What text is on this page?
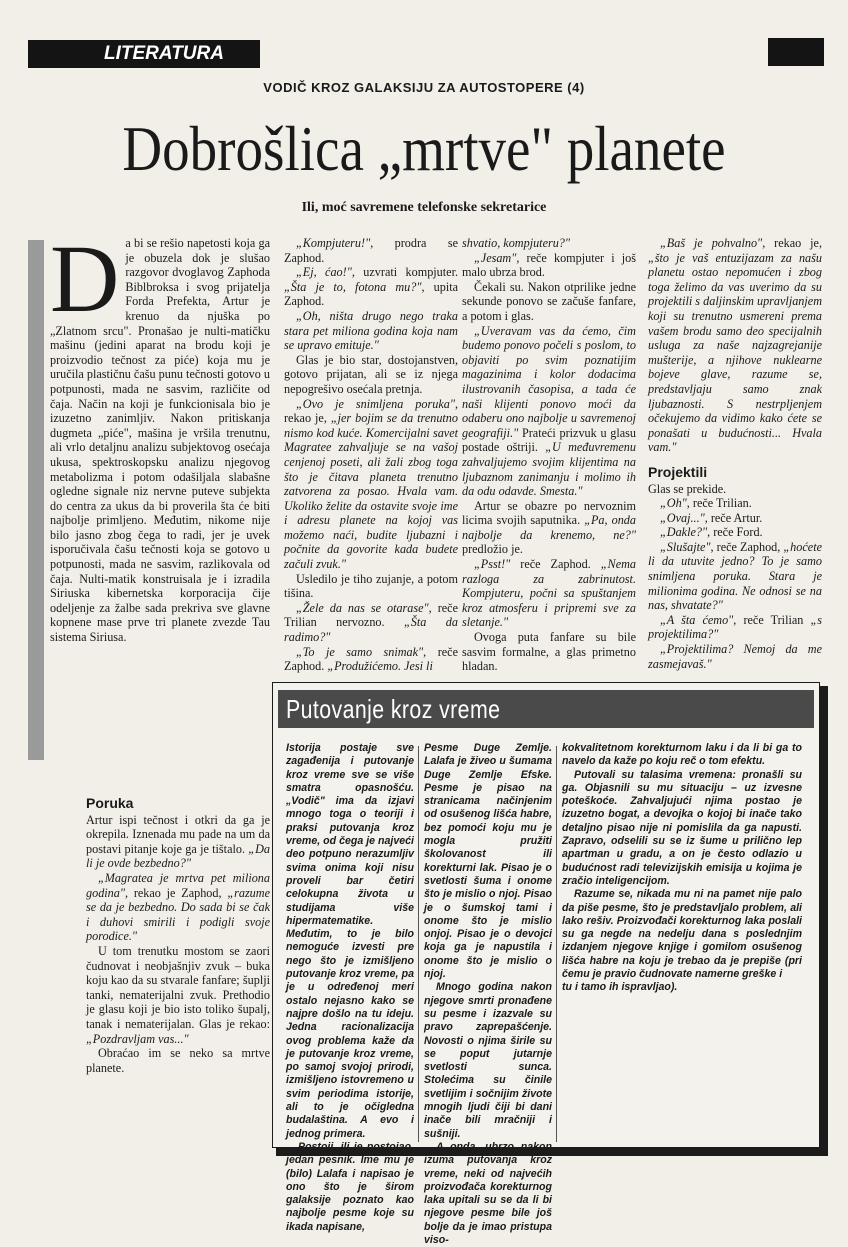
LITERATURA
VODIČ KROZ GALAKSIJU ZA AUTOSTOPERE (4)
Dobrošlica „mrtve" planete
Ili, moć savremene telefonske sekretarice
D a bi se rešio napetosti koja ga je obuzela dok je slušao razgovor dvoglavog Zaphoda Biblbroksa i svog prijatelja Forda Prefekta, Artur je krenuo da njuška po „Zlatnom srcu". Pronašao je nulti-matičku mašinu (jedini aparat na brodu koji je proizvodio tečnost za piće) koja mu je uručila plastičnu čašu punu tečnosti gotovo u potpunosti, mada ne sasvim, različite od čaja. Način na koji je funkcionisala bio je izuzetno zanimljiv. Nakon pritiskanja dugmeta „piće", mašina je vršila trenutnu, ali vrlo detaljnu analizu subjektovog osećaja ukusa, spektroskopsku analizu njegovog metabolizma i potom odašiljala slabašne ogledne signale niz nervne puteve subjekta do centra za ukus da bi proverila šta će biti najbolje primljeno. Međutim, nikome nije bilo jasno zbog čega to radi, jer je uvek isporučivala čašu tečnosti koja se gotovo u potpunosti, mada ne sasvim, razlikovala od čaja. Nulti-matik konstruisala je i izradila Siriuska kibernetska korporacija čije odeljenje za žalbe sada prekriva sve glavne kopnene mase prve tri planete zvezde Tau sistema Siriusa.

Poruka

Artur ispi tečnost i otkri da ga je okrepila. Iznenada mu pade na um da postavi pitanje koje ga je tištalo. „Da li je ovde bezbedno?"

„Magratea je mrtva pet miliona godina", rekao je Zaphod, „razume se da je bezbedno. Do sada bi se čak i duhovi smirili i podigli svoje porodice."

U tom trenutku mostom se zaori čudnovat i neobjašnjiv zvuk – buka koju kao da su stvarale fanfare; šuplji tanki, nematerijalni zvuk. Prethodio je glasu koji je bio isto toliko šupalj, tanak i nematerijalan. Glas je rekao: „Pozdravljam vas..."

Obraćao im se neko sa mrtve planete.

„Kompjuteru!", prodra se Zaphod.

„Ej, ćao!", uzvrati kompjuter. „Šta je to, fotona mu?", upita Zaphod.

„Oh, ništa drugo nego traka stara pet miliona godina koja nam se upravo emituje."

Glas je bio star, dostojanstven, gotovo prijatan, ali se iz njega nepogrešivo osećala pretnja.

„Ovo je snimljena poruka", rekao je, „jer bojim se da trenutno nismo kod kuće. Komercijalni savet Magratee zahvaljuje se na vašoj cenjenoj poseti, ali žali zbog toga što je čitava planeta trenutno zatvorena za posao. Hvala vam. Ukoliko želite da ostavite svoje ime i adresu planete na kojoj vas možemo naći, budite ljubazni i počnite da govorite kada budete začuli zvuk."

Usledilo je tiho zujanje, a potom tišina.

„Žele da nas se otarase", reče Trilian nervozno. „Šta da radimo?"

„To je samo snimak", reče Zaphod. „Produžićemo. Jesi li

shvatio, kompjuteru?"

„Jesam", reče kompjuter i još malo ubrza brod.

Čekali su. Nakon otprilike jedne sekunde ponovo se začuše fanfare, a potom i glas.

„Uveravam vas da ćemo, čim budemo ponovo počeli s poslom, to objaviti po svim poznatijim magazinima i kolor dodacima ilustrovanih časopisa, a tada će naši klijenti ponovo moći da odaberu ono najbolje u savremenoj geografiji." Prateći prizvuk u glasu postade oštriji. „U međuvremenu zahvaljujemo svojim klijentima na ljubaznom zanimanju i molimo ih da odu odavde. Smesta."

Artur se obazre po nervoznim licima svojih saputnika. „Pa, onda najbolje da krenemo, ne?" predložio je.

„Psst!" reče Zaphod. „Nema razloga za zabrinutost. Kompjuteru, počni sa spuštanjem kroz atmosferu i pripremi sve za sletanje."

Ovoga puta fanfare su bile sasvim formalne, a glas primetno hladan.

„Baš je pohvalno", rekao je, „što je vaš entuzijazam za našu planetu ostao nepomućen i zbog toga želimo da vas uverimo da su projektili s daljinskim upravljanjem koji su trenutno usmereni prema vašem brodu samo deo specijalnih usluga za naše najzagrejanije mušterije, a njihove nuklearne bojeve glave, razume se, predstavljaju samo znak ljubaznosti. S nestrpljenjem očekujemo da vidimo kako ćete se ponašati u budućnosti... Hvala vam."

Projektili

Glas se prekide.

„Oh", reče Trilian.

„Ovaj...", reče Artur.

„Dakle?", reče Ford.

„Slušajte", reče Zaphod, „hoćete li da utuvite jedno? To je samo snimljena poruka. Stara je milionima godina. Ne odnosi se na nas, shvatate?"

„A šta ćemo", reče Trilian „s projektilima?"

„Projektilima? Nemoj da me zasmejavaš."

Putovanje kroz vreme

Istorija postaje sve zagađenija i putovanje kroz vreme sve se više smatra opasnošću. „Vodič" ima da izjavi mnogo toga o teoriji i praksi putovanja kroz vreme, od čega je najveći deo potpuno nerazumljiv svima onima koji nisu proveli bar četiri celokupna života u studijama više hipermatematike. Međutim, to je bilo nemoguće izvesti pre nego što je izmišljeno putovanje kroz vreme, pa je u određenoj meri ostalo nejasno kako se najpre došlo na tu ideju. Jedna racionalizacija ovog problema kaže da je putovanje kroz vreme, po samoj svojoj prirodi, izmišljeno istovremeno u svim periodima istorije, ali to je očigledna budalaština. A evo i jednog primera.

Postoji, ili je postojao, jedan pesnik. Ime mu je (bilo) Lalafa i napisao je ono što je širom galaksije poznato kao najbolje pesme koje su ikada napisane,

Pesme Duge Zemlje. Lalafa je živeo u šumama Duge Zemlje Efske. Pesme je pisao na stranicama načinjenim od osušenog lišća habre, bez pomoći koju mu je mogla pružiti školovanost ili korekturni lak. Pisao je o svetlosti šuma i onome što je mislio o njoj. Pisao je o šumskoj tami i onome što je mislio onjoj. Pisao je o devojci koja ga je napustila i onome što je mislio o njoj.

Mnogo godina nakon njegove smrti pronađene su pesme i izazvale su pravo zaprepašćenje. Novosti o njima širile su se poput jutarnje svetlosti sunca. Stolećima su činile svetlijim i sočnijim živote mnogih ljudi čiji bi dani inače bili mračniji i sušniji.

A onda, ubrzo nakon izuma putovanja kroz vreme, neki od najvećih proizvođača korekturnog laka upitali su se da li bi njegove pesme bile još bolje da je imao pristupa viso-

kokvalitetnom korekturnom laku i da li bi ga to navelo da kaže po koju reč o tom efektu.

Putovali su talasima vremena: pronašli su ga. Objasnili su mu situaciju – uz izvesne poteškoće. Zahvaljujući njima postao je izuzetno bogat, a devojka o kojoj bi inače tako detaljno pisao nije ni pomislila da ga napusti. Zapravo, odselili su se iz šume u prilično lep apartman u gradu, a on je često odlazio u budućnost radi televizijskih emisija u kojima je zračio inteligencijom.

Razume se, nikada mu ni na pamet nije palo da piše pesme, što je predstavljalo problem, ali lako rešiv. Proizvođači korekturnog laka poslali su ga negde na nedelju dana s poslednjim izdanjem njegove knjige i gomilom osušenog lišća habre na koju je trebao da je prepiše (pri čemu je pravio čudnovate namerne greške i

tu i tamo ih ispravljao).
